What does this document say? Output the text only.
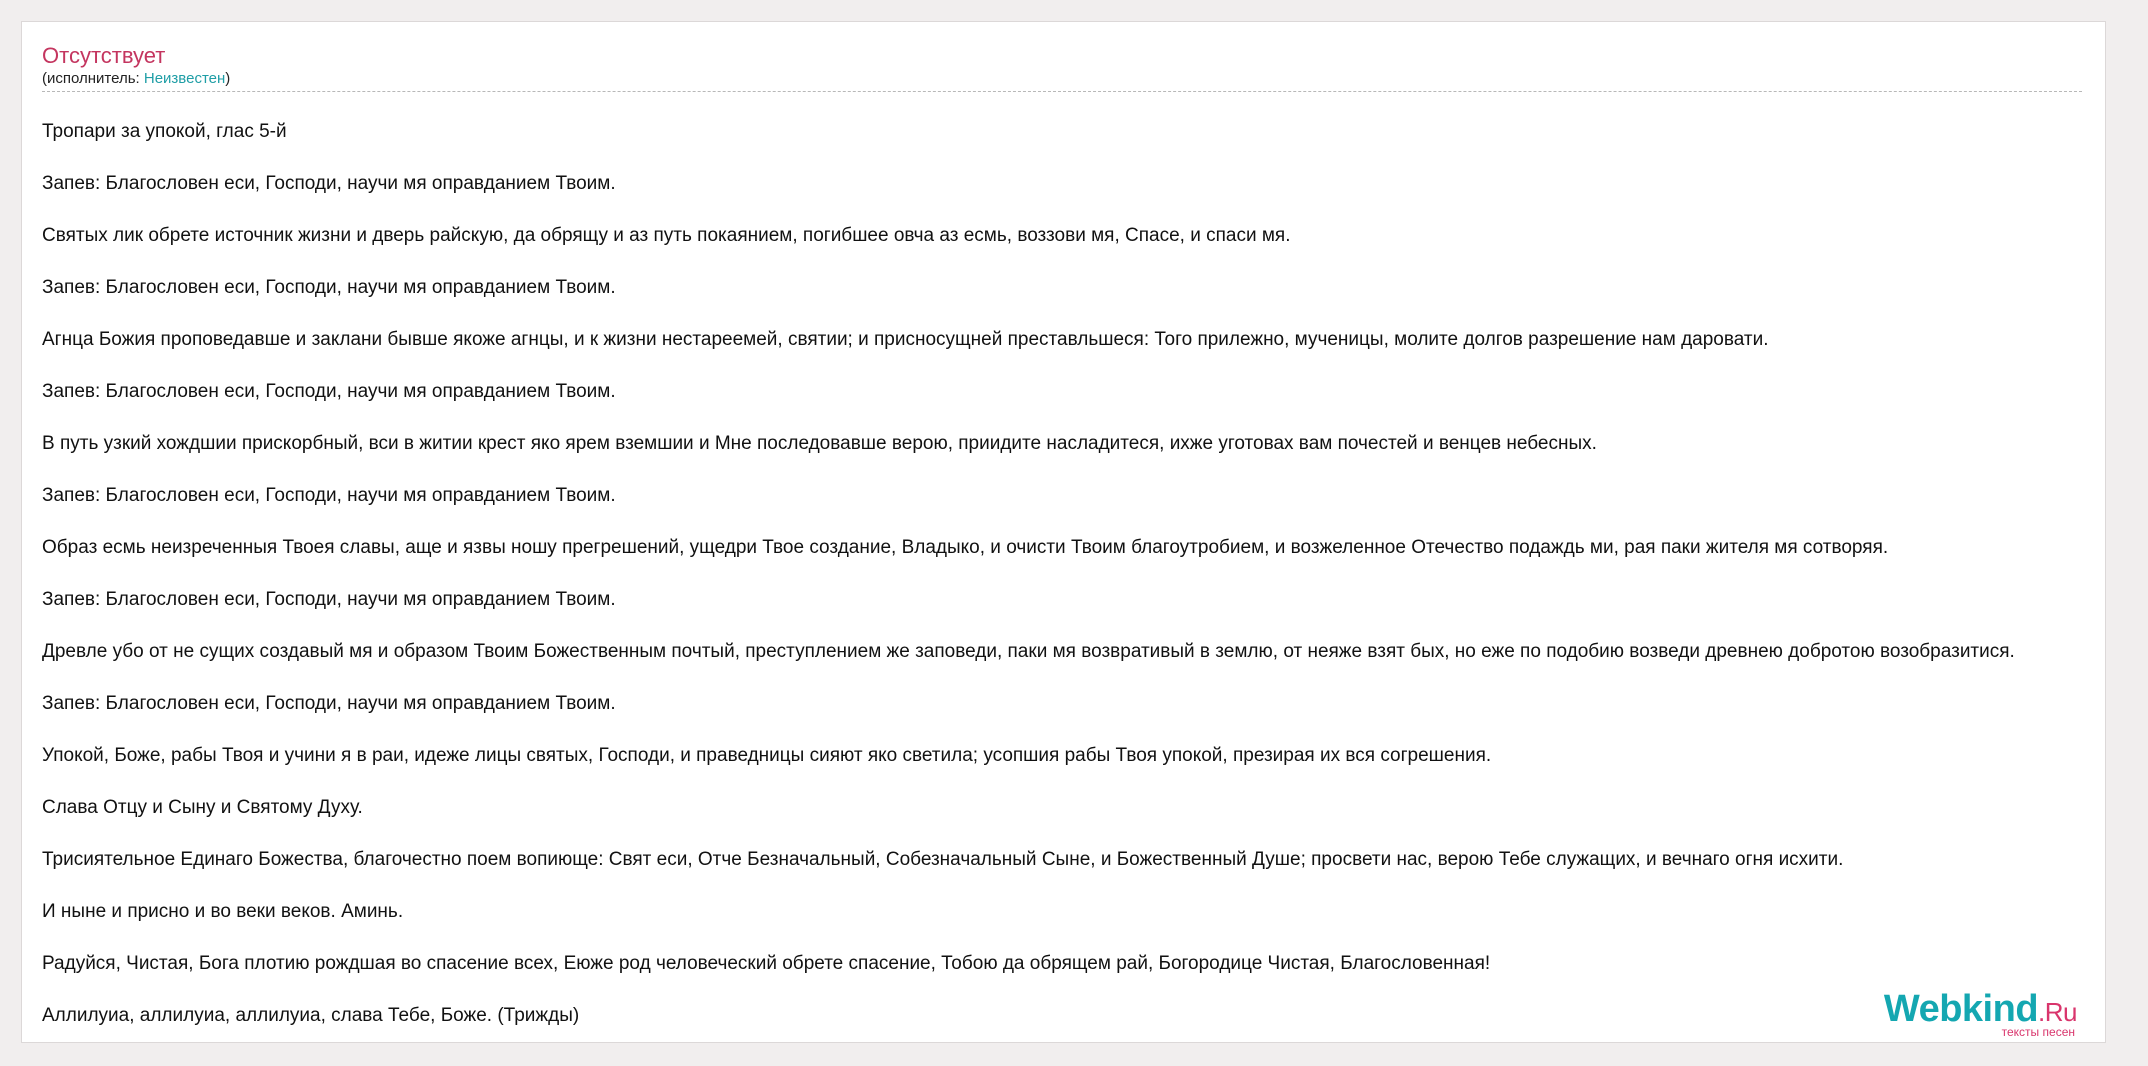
Отсутствует
(исполнитель: Неизвестен)
Тропари за упокой, глас 5-й
Запев: Благословен еси, Господи, научи мя оправданием Твоим.
Святых лик обрете источник жизни и дверь райскую, да обрящу и аз путь покаянием, погибшее овча аз есмь, воззови мя, Спасе, и спаси мя.
Запев: Благословен еси, Господи, научи мя оправданием Твоим.
Агнца Божия проповедавше и заклани бывше якоже агнцы, и к жизни нестареемей, святии; и присносущней преставльшеся: Того прилежно, мученицы, молите долгов разрешение нам даровати.
Запев: Благословен еси, Господи, научи мя оправданием Твоим.
В путь узкий хождшии прискорбный, вси в житии крест яко ярем вземшии и Мне последовавше верою, приидите насладитеся, ихже уготовах вам почестей и венцев небесных.
Запев: Благословен еси, Господи, научи мя оправданием Твоим.
Образ есмь неизреченныя Твоея славы, аще и язвы ношу прегрешений, ущедри Твое создание, Владыко, и очисти Твоим благоутробием, и возжеленное Отечество подаждь ми, рая паки жителя мя сотворяя.
Запев: Благословен еси, Господи, научи мя оправданием Твоим.
Древле убо от не сущих создавый мя и образом Твоим Божественным почтый, преступлением же заповеди, паки мя возвративый в землю, от неяже взят бых, но еже по подобию возведи древнею добротою возобразитися.
Запев: Благословен еси, Господи, научи мя оправданием Твоим.
Упокой, Боже, рабы Твоя и учини я в раи, идеже лицы святых, Господи, и праведницы сияют яко светила; усопшия рабы Твоя упокой, презирая их вся согрешения.
Слава Отцу и Сыну и Святому Духу.
Трисиятельное Единаго Божества, благочестно поем вопиюще: Свят еси, Отче Безначальный, Собезначальный Сыне, и Божественный Душе; просвети нас, верою Тебе служащих, и вечнаго огня исхити.
И ныне и присно и во веки веков. Аминь.
Радуйся, Чистая, Бога плотию рождшая во спасение всех, Еюже род человеческий обрете спасение, Тобою да обрящем рай, Богородице Чистая, Благословенная!
Аллилуиа, аллилуиа, аллилуиа, слава Тебе, Боже. (Трижды)	Webkind.Ru
тексты песен
